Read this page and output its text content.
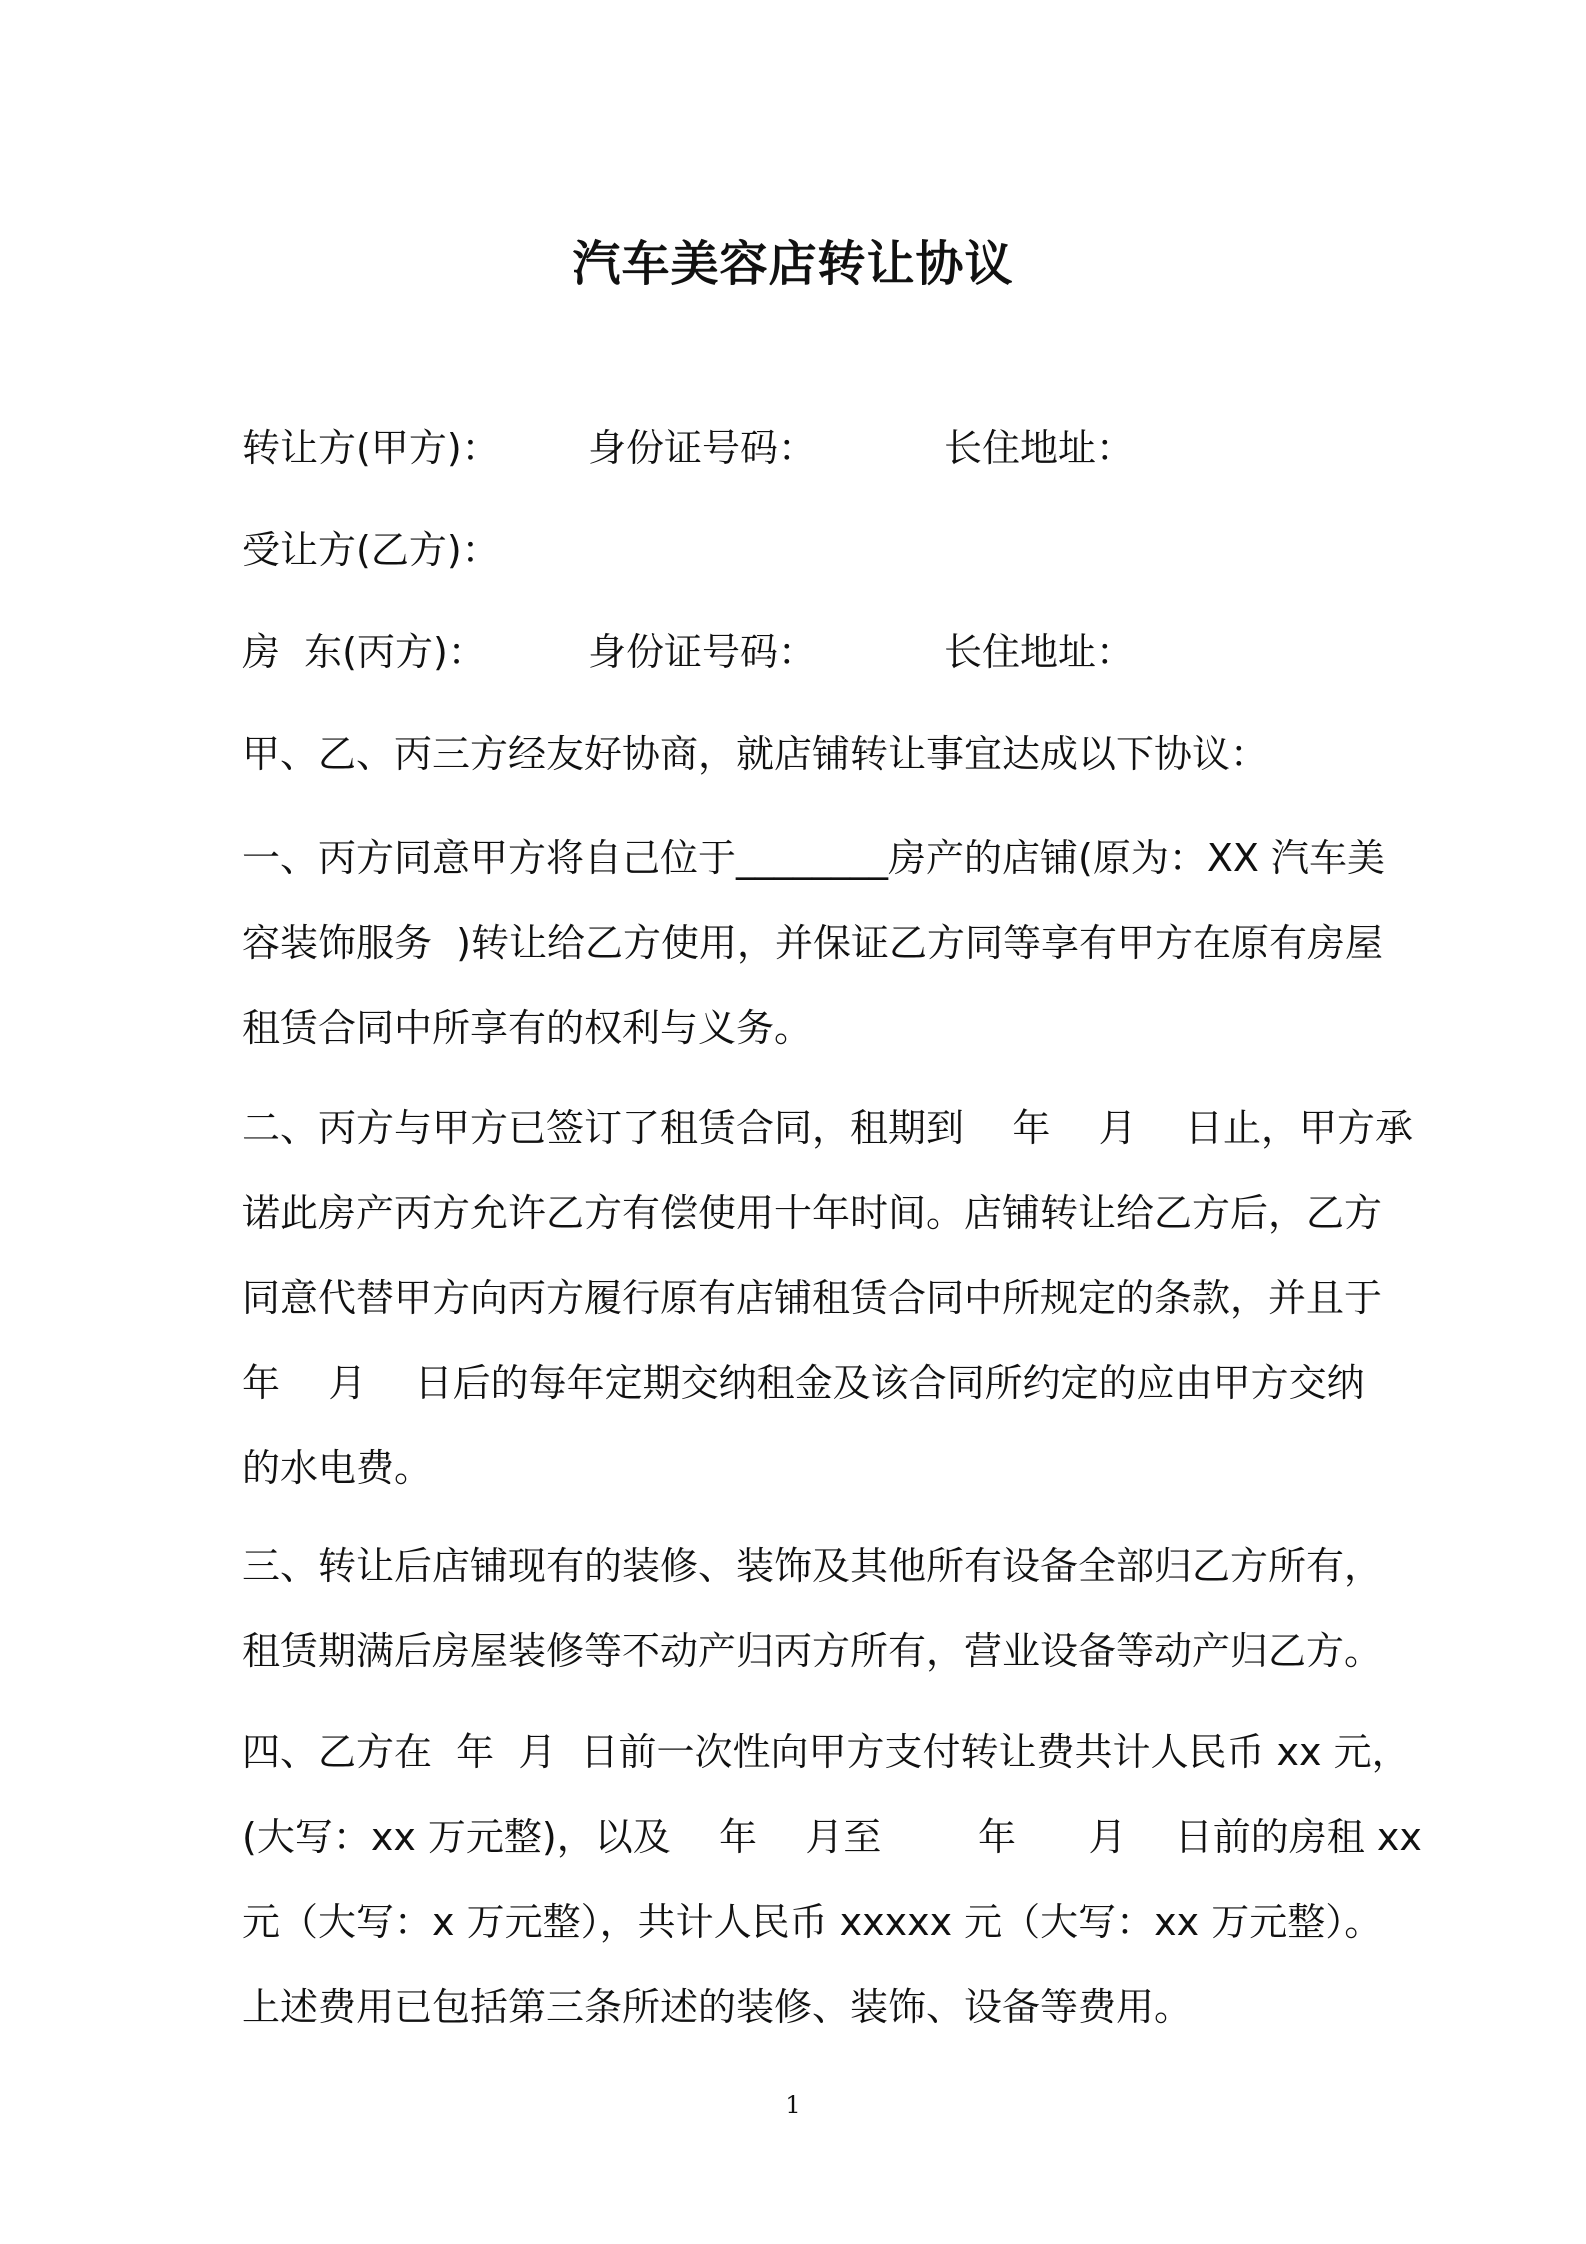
汽车美容店转让协议
转让方(甲方)： 身份证号码：	长住地址：
受让方(乙方)：
房  东(丙方)：	身份证号码：	长住地址：
甲、乙、丙三方经友好协商，就店铺转让事宜达成以下协议：
一、丙方同意甲方将自己位于________房产的店铺(原为：XX 汽车美
容装饰服务  )转让给乙方使用，并保证乙方同等享有甲方在原有房屋
租赁合同中所享有的权利与义务。
二、丙方与甲方已签订了租赁合同，租期到    年    月    日止，甲方承
诺此房产丙方允许乙方有偿使用十年时间。店铺转让给乙方后，乙方
同意代替甲方向丙方履行原有店铺租赁合同中所规定的条款，并且于
年    月    日后的每年定期交纳租金及该合同所约定的应由甲方交纳
的水电费。
三、转让后店铺现有的装修、装饰及其他所有设备全部归乙方所有，
租赁期满后房屋装修等不动产归丙方所有，营业设备等动产归乙方。
四、乙方在  年  月  日前一次性向甲方支付转让费共计人民币 xx 元，
(大写：xx 万元整)，以及    年    月至        年      月    日前的房租 xx
元（大写：x 万元整），共计人民币 xxxxx 元（大写：xx 万元整）。
上述费用已包括第三条所述的装修、装饰、设备等费用。
1
